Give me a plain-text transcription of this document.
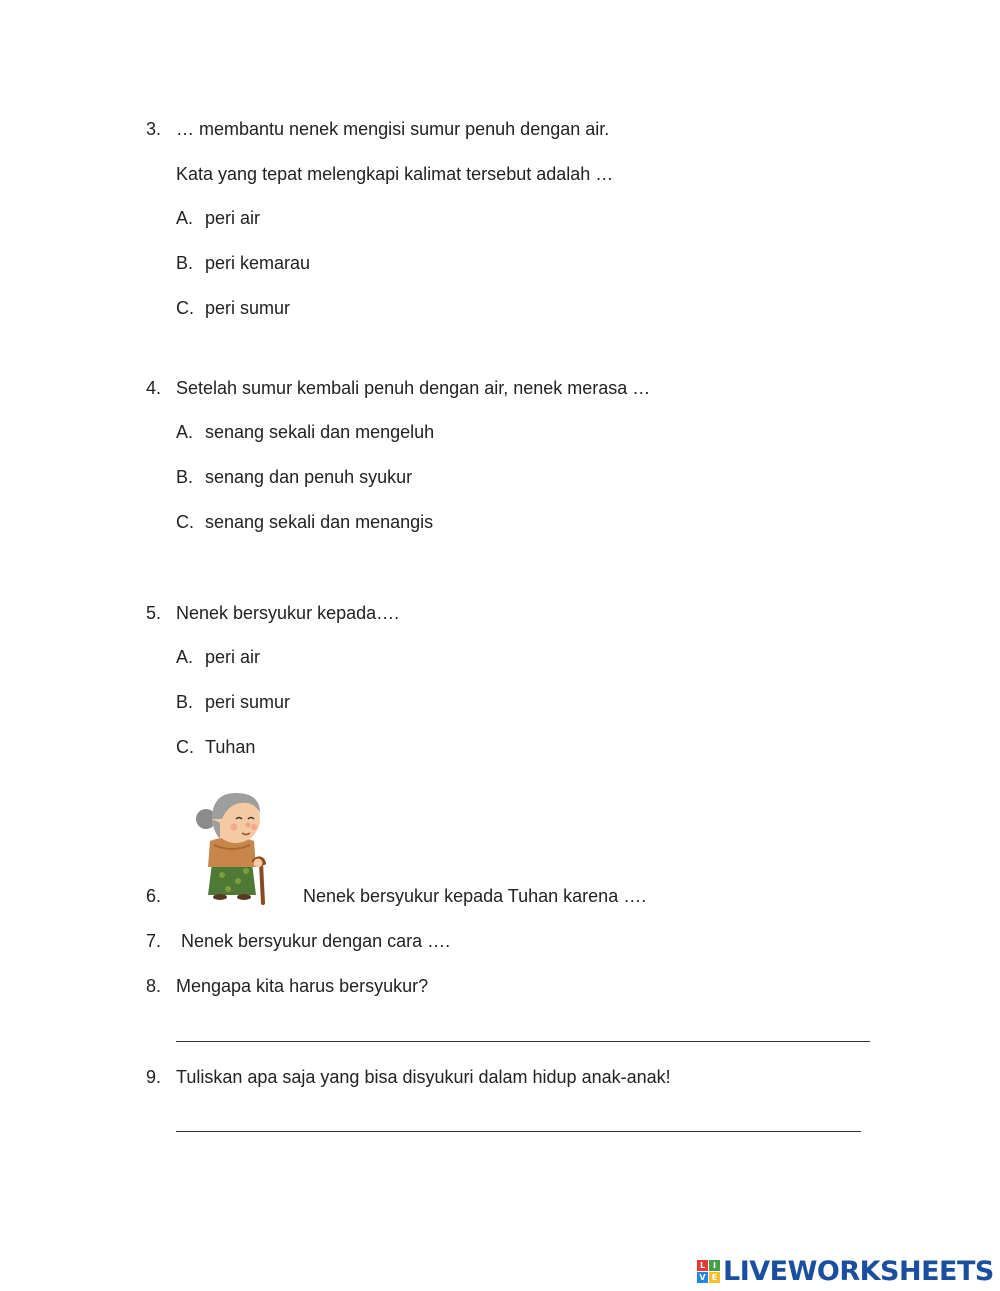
3. … membantu nenek mengisi sumur penuh dengan air.
Kata yang tepat melengkapi kalimat tersebut adalah …
A. peri air
B. peri kemarau
C. peri sumur
4. Setelah sumur kembali penuh dengan air, nenek merasa …
A. senang sekali dan mengeluh
B. senang dan penuh syukur
C. senang sekali dan menangis
5. Nenek bersyukur kepada….
A. peri air
B. peri sumur
C. Tuhan
6.	Nenek bersyukur kepada Tuhan karena ….
7. Nenek bersyukur dengan cara ….
8. Mengapa kita harus bersyukur?
9. Tuliskan apa saja yang bisa disyukuri dalam hidup anak-anak!
L I
V E LIVEWORKSHEETS
